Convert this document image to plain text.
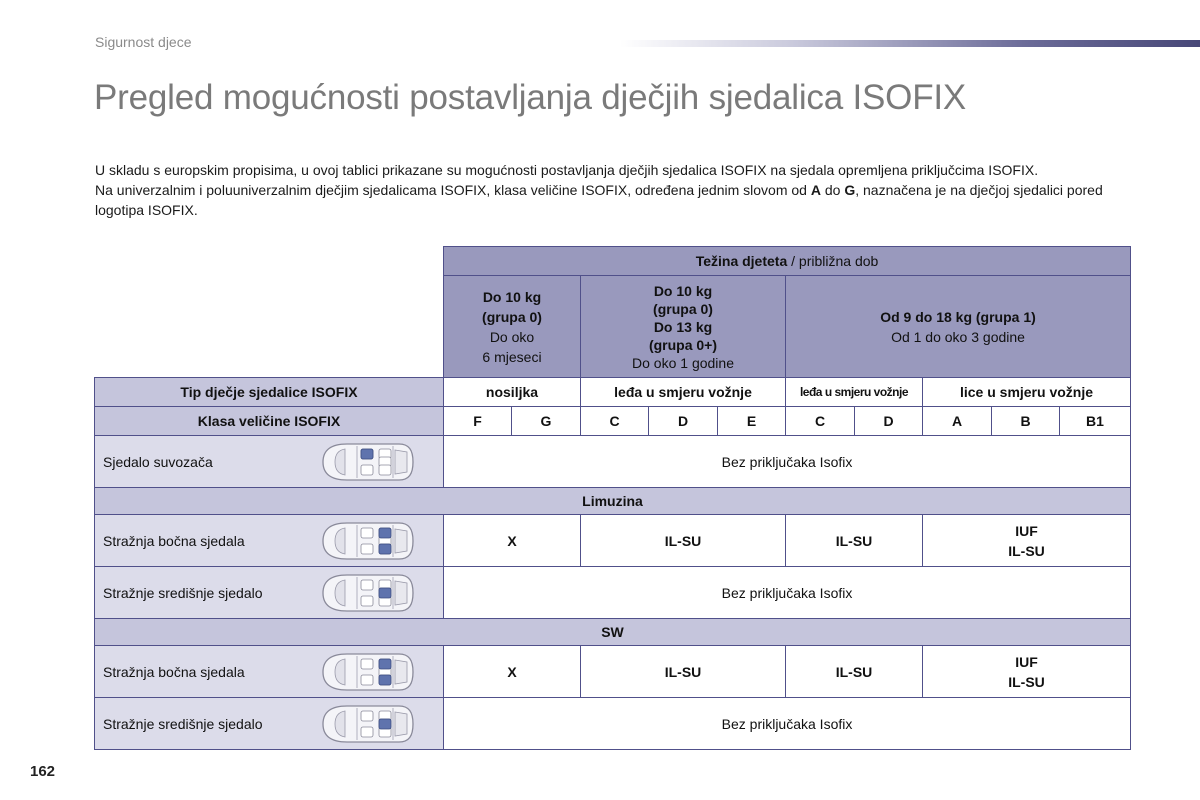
Sigurnost djece
Pregled mogućnosti postavljanja dječjih sjedalica ISOFIX

U skladu s europskim propisima, u ovoj tablici prikazane su mogućnosti postavljanja dječjih sjedalica ISOFIX na sjedala opremljena priključcima ISOFIX.

Na univerzalnim i poluuniverzalnim dječjim sjedalicama ISOFIX, klasa veličine ISOFIX, određena jednim slovom od A do G, naznačena je na dječjoj sjedalici pored logotipa ISOFIX.

	Težina djeteta / približna dob									
	Do 10 kg
(grupa 0)
Do oko
6 mjeseci		Do 10 kg
(grupa 0)
Do 13 kg
(grupa 0+)
Do oko 1 godine			Od 9 do 18 kg (grupa 1)
Od 1 do oko 3 godine				
Tip dječje sjedalice ISOFIX	nosiljka		leđa u smjeru vožnje			leđa u smjeru vožnje		lice u smjeru vožnje		
Klasa veličine ISOFIX	F	G	C	D	E	C	D	A	B	B1

Sjedalo suvozača	Bez priključaka Isofix									
Limuzina										

Stražnja bočna sjedala	X		IL-SU			IL-SU		IUF
IL-SU		

Stražnje središnje sjedalo	Bez priključaka Isofix									
SW										

Stražnja bočna sjedala	X		IL-SU			IL-SU		IUF
IL-SU		

Stražnje središnje sjedalo	Bez priključaka Isofix									
162
